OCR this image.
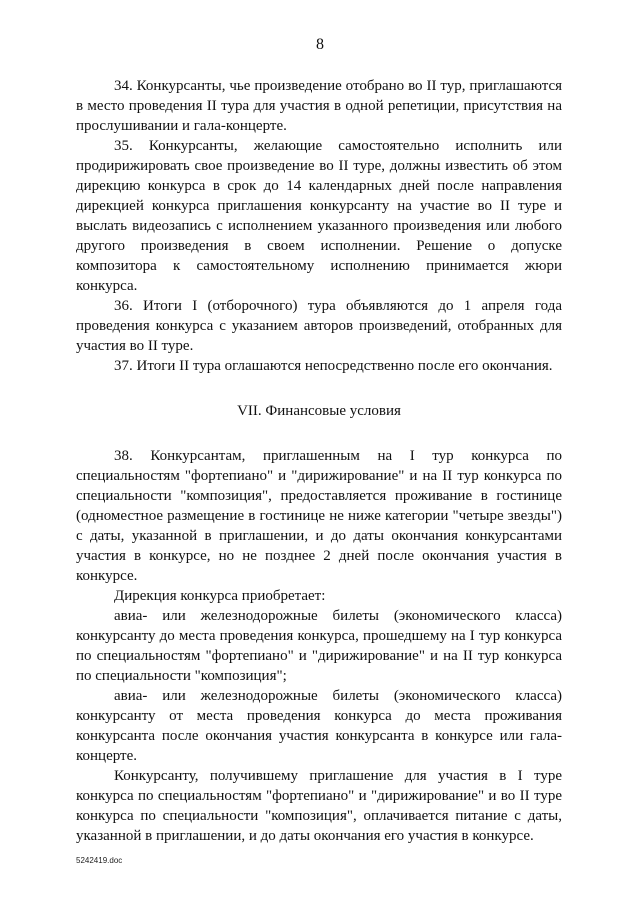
8

34. Конкурсанты, чье произведение отобрано во II тур, приглашаются в место проведения II тура для участия в одной репетиции, присутствия на прослушивании и гала-концерте.

35. Конкурсанты, желающие самостоятельно исполнить или продирижировать свое произведение во II туре, должны известить об этом дирекцию конкурса в срок до 14 календарных дней после направления дирекцией конкурса приглашения конкурсанту на участие во II туре и выслать видеозапись с исполнением указанного произведения или любого другого произведения в своем исполнении. Решение о допуске композитора к самостоятельному исполнению принимается жюри конкурса.

36. Итоги I (отборочного) тура объявляются до 1 апреля года проведения конкурса с указанием авторов произведений, отобранных для участия во II туре.

37. Итоги II тура оглашаются непосредственно после его окончания.

VII. Финансовые условия

38. Конкурсантам, приглашенным на I тур конкурса по специальностям "фортепиано" и "дирижирование" и на II тур конкурса по специальности "композиция", предоставляется проживание в гостинице (одноместное размещение в гостинице не ниже категории "четыре звезды") с даты, указанной в приглашении, и до даты окончания конкурсантами участия в конкурсе, но не позднее 2 дней после окончания участия в конкурсе.

Дирекция конкурса приобретает:

авиа- или железнодорожные билеты (экономического класса) конкурсанту до места проведения конкурса, прошедшему на I тур конкурса по специальностям "фортепиано" и "дирижирование" и на II тур конкурса по специальности "композиция";

авиа- или железнодорожные билеты (экономического класса) конкурсанту от места проведения конкурса до места проживания конкурсанта после окончания участия конкурсанта в конкурсе или гала-концерте.

Конкурсанту, получившему приглашение для участия в I туре конкурса по специальностям "фортепиано" и "дирижирование" и во II туре конкурса по специальности "композиция", оплачивается питание с даты, указанной в приглашении, и до даты окончания его участия в конкурсе.

5242419.doc
